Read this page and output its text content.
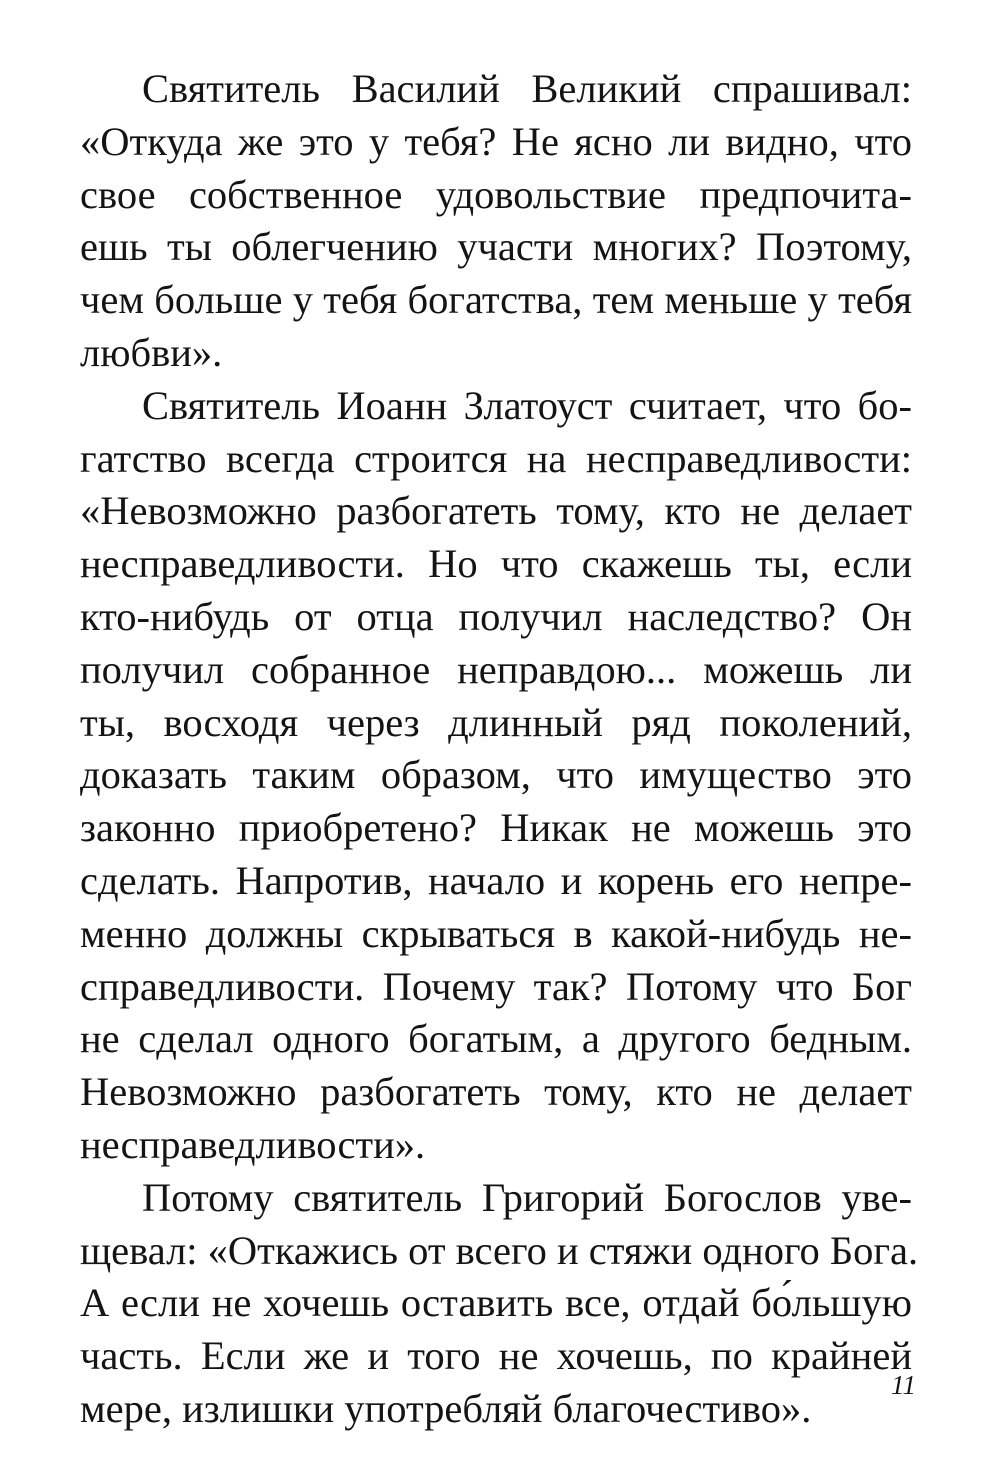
Святитель Василий Великий спрашивал:
«Откуда же это у тебя? Не ясно ли видно, что
свое собственное удовольствие предпочита-
ешь ты облегчению участи многих? Поэтому,
чем больше у тебя богатства, тем меньше у тебя
любви».
Святитель Иоанн Златоуст считает, что бо-
гатство всегда строится на несправедливости:
«Невозможно разбогатеть тому, кто не делает
несправедливости. Но что скажешь ты, если
кто-нибудь от отца получил наследство? Он
получил собранное неправдою... можешь ли
ты, восходя через длинный ряд поколений,
доказать таким образом, что имущество это
законно приобретено? Никак не можешь это
сделать. Напротив, начало и корень его непре-
менно должны скрываться в какой-нибудь не-
справедливости. Почему так? Потому что Бог
не сделал одного богатым, а другого бедным.
Невозможно разбогатеть тому, кто не делает
несправедливости».
Потому святитель Григорий Богослов уве-
щевал: «Откажись от всего и стяжи одного Бога.
А если не хочешь оставить все, отдай бо́льшую
часть. Если же и того не хочешь, по крайней
мере, излишки употребляй благочестиво».
11
